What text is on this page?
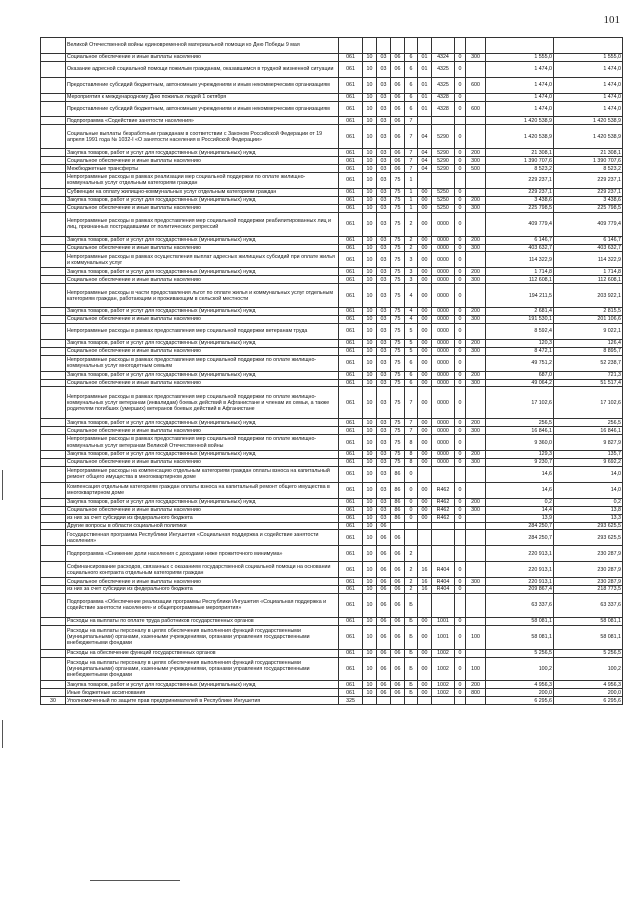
101
	Великой Отечественной войны единовременной материальной помощи ко Дню Победы 9 мая											
	Социальное обеспечение и иные выплаты населению	061	10	03	06	6	01	4324	0	300	1 555,0	1 555,0
	Оказание адресной социальной помощи пожилым гражданам, оказавшимся в трудной жизненной ситуации	061	10	03	06	6	01	4325	0		1 474,0	1 474,0
	Предоставление субсидий бюджетным, автономным учреждениям и иным некоммерческим организациям	061	10	03	06	6	01	4325	0	600	1 474,0	1 474,0
	Мероприятия к международному Дню пожилых людей 1 октября	061	10	03	06	6	01	4328	0		1 474,0	1 474,0
	Предоставление субсидий бюджетным, автономным учреждениям и иным некоммерческим организациям	061	10	03	06	6	01	4328	0	600	1 474,0	1 474,0
	Подпрограмма «Содействие занятости населения»	061	10	03	06	7					1 420 538,9	1 420 538,9
	Социальные выплаты безработным гражданам в соответствии с Законом Российской Федерации от 19 апреля 1991 года № 1032-I «О занятости населения в Российской Федерации»	061	10	03	06	7	04	5290	0		1 420 538,9	1 420 538,9
	Закупка товаров, работ и услуг для государственных (муниципальных) нужд	061	10	03	06	7	04	5290	0	200	21 308,1	21 308,1
	Социальное обеспечение и иные выплаты населению	061	10	03	06	7	04	5290	0	300	1 390 707,6	1 390 707,6
	Межбюджетные трансферты	061	10	03	06	7	04	5290	0	500	8 523,2	8 523,2
	Непрограммные расходы в рамках реализации мер социальной поддержки по оплате жилищно-коммунальных услуг отдельным категориям граждан	061	10	03	75	1					229 237,1	229 237,1
	Субвенции на оплату жилищно-коммунальных услуг отдельным категориям граждан	061	10	03	75	1	00	5250	0		229 237,1	229 237,1
	Закупка товаров, работ и услуг для государственных (муниципальных) нужд	061	10	03	75	1	00	5250	0	200	3 438,6	3 438,6
	Социальное обеспечение и иные выплаты населению	061	10	03	75	1	00	5250	0	300	225 798,5	225 798,5
	Непрограммные расходы в рамках предоставления мер социальной поддержки реабилитированных лиц и лиц, признанных пострадавшими от политических репрессий	061	10	03	75	2	00	0000	0		409 779,4	409 779,4
	Закупка товаров, работ и услуг для государственных (муниципальных) нужд	061	10	03	75	2	00	0000	0	200	6 146,7	6 146,7
	Социальное обеспечение и иные выплаты населению	061	10	03	75	2	00	0000	0	300	403 632,7	403 632,7
	Непрограммные расходы в рамках осуществления выплат адресных жилищных субсидий при оплате жилья и коммунальных услуг	061	10	03	75	3	00	0000	0		114 322,9	114 322,9
	Закупка товаров, работ и услуг для государственных (муниципальных) нужд	061	10	03	75	3	00	0000	0	200	1 714,8	1 714,8
	Социальное обеспечение и иные выплаты населению	061	10	03	75	3	00	0000	0	300	112 608,1	112 608,1
	Непрограммные расходы в части предоставления льгот по оплате жилья и коммунальных услуг отдельным категориям граждан, работающим и проживающим в сельской местности	061	10	03	75	4	00	0000	0		194 211,5	203 922,1
	Закупка товаров, работ и услуг для государственных (муниципальных) нужд	061	10	03	75	4	00	0000	0	200	2 681,4	2 815,5
	Социальное обеспечение и иные выплаты населению	061	10	03	75	4	00	0000	0	300	191 530,1	201 106,6
	Непрограммные расходы в рамках предоставления мер социальной поддержки ветеранам труда	061	10	03	75	5	00	0000	0		8 592,4	9 022,1
	Закупка товаров, работ и услуг для государственных (муниципальных) нужд	061	10	03	75	5	00	0000	0	200	120,3	126,4
	Социальное обеспечение и иные выплаты населению	061	10	03	75	5	00	0000	0	300	8 472,1	8 895,7
	Непрограммные расходы в рамках предоставления мер социальной поддержки по оплате жилищно-коммунальных услуг многодетным семьям	061	10	03	75	6	00	0000	0		49 751,2	52 238,7
	Закупка товаров, работ и услуг для государственных (муниципальных) нужд	061	10	03	75	6	00	0000	0	200	687,0	721,3
	Социальное обеспечение и иные выплаты населению	061	10	03	75	6	00	0000	0	300	49 064,2	51 517,4
	Непрограммные расходы в рамках предоставления мер социальной поддержки по оплате жилищно-коммунальных услуг ветеранам (инвалидам) боевых действий в Афганистане и членам их семьи, а также родителям погибших (умерших) ветеранов боевых действий в Афганистане	061	10	03	75	7	00	0000	0		17 102,6	17 102,6
	Закупка товаров, работ и услуг для государственных (муниципальных) нужд	061	10	03	75	7	00	0000	0	200	256,5	256,5
	Социальное обеспечение и иные выплаты населению	061	10	03	75	7	00	0000	0	300	16 846,1	16 846,1
	Непрограммные расходы в рамках предоставления мер социальной поддержки по оплате жилищно-коммунальных услуг ветеранам Великой Отечественной войны	061	10	03	75	8	00	0000	0		9 360,0	9 827,9
	Закупка товаров, работ и услуг для государственных (муниципальных) нужд	061	10	03	75	8	00	0000	0	200	129,3	135,7
	Социальное обеспечение и иные выплаты населению	061	10	03	75	8	00	0000	0	300	9 230,7	9 692,2
	Непрограммные расходы на компенсацию отдельным категориям граждан оплаты взноса на капитальный ремонт общего имущества в многоквартирном доме	061	10	03	86	0					14,6	14,0
	Компенсация отдельным категориям граждан оплаты взноса на капитальный ремонт общего имущества в многоквартирном доме	061	10	03	86	0	00	R462	0		14,6	14,0
	Закупка товаров, работ и услуг для государственных (муниципальных) нужд	061	10	03	86	0	00	R462	0	200	0,2	0,2
	Социальное обеспечение и иные выплаты населению	061	10	03	86	0	00	R462	0	300	14,4	13,8
	из них за счет субсидии из федерального бюджета	061	10	03	86	0	00	R462	0		13,9	13,3
	Другие вопросы в области социальной политики	061	10	06							284 250,7	293 625,5
	Государственная программа Республики Ингушетия «Социальная поддержка и содействие занятости населения»	061	10	06	06						284 250,7	293 625,5
	Подпрограмма «Снижение доли населения с доходами ниже прожиточного минимума»	061	10	06	06	2					220 913,1	230 287,9
	Софинансирование расходов, связанных с оказанием государственной социальной помощи на основании социального контракта отдельным категориям граждан	061	10	06	06	2	16	R404	0		220 913,1	230 287,9
	Социальное обеспечение и иные выплаты населению	061	10	06	06	2	16	R404	0	300	220 913,1	230 287,9
	из них за счет субсидии из федерального бюджета	061	10	06	06	2	16	R404	0		209 867,4	218 773,5
	Подпрограмма «Обеспечение реализации программы Республики Ингушетия «Социальная поддержка и содействие занятости населения» и общепрограммные мероприятия»	061	10	06	06	Б					63 337,6	63 337,6
	Расходы на выплаты по оплате труда работников государственных органов	061	10	06	06	Б	00	1001	0		58 081,1	58 081,1
	Расходы на выплаты персоналу в целях обеспечения выполнения функций государственными (муниципальными) органами, казенными учреждениями, органами управления государственными внебюджетными фондами	061	10	06	06	Б	00	1001	0	100	58 081,1	58 081,1
	Расходы на обеспечение функций государственных органов	061	10	06	06	Б	00	1002	0		5 256,5	5 256,5
	Расходы на выплаты персоналу в целях обеспечения выполнения функций государственными (муниципальными) органами, казенными учреждениями, органами управления государственными внебюджетными фондами	061	10	06	06	Б	00	1002	0	100	100,2	100,2
	Закупка товаров, работ и услуг для государственных (муниципальных) нужд	061	10	06	06	Б	00	1002	0	200	4 956,3	4 956,3
	Иные бюджетные ассигнования	061	10	06	06	Б	00	1002	0	800	200,0	200,0
30	Уполномоченный по защите прав предпринимателей в Республике Ингушетия	325									6 295,6	6 295,6
